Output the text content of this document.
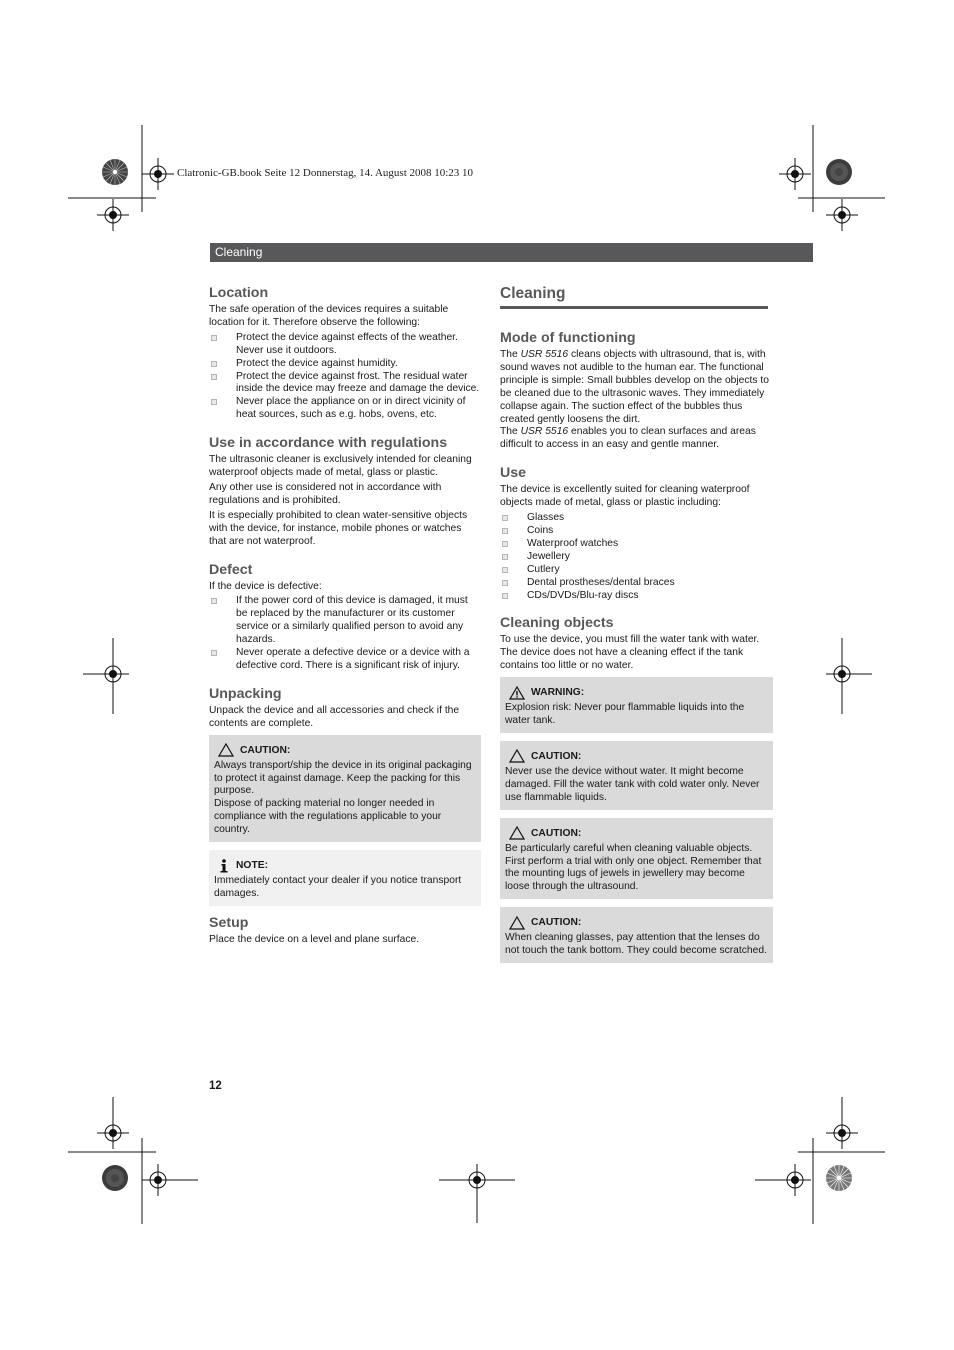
Clatronic-GB.book Seite 12 Donnerstag, 14. August 2008 10:23 10
Cleaning
Location

The safe operation of the devices requires a suitable location for it. Therefore observe the following:

Protect the device against effects of the weather. Never use it outdoors.
Protect the device against humidity.
Protect the device against frost. The residual water inside the device may freeze and damage the device.
Never place the appliance on or in direct vicinity of heat sources, such as e.g. hobs, ovens, etc.
Use in accordance with regulations

The ultrasonic cleaner is exclusively intended for cleaning waterproof objects made of metal, glass or plastic.

Any other use is considered not in accordance with regulations and is prohibited.

It is especially prohibited to clean water-sensitive objects with the device, for instance, mobile phones or watches that are not waterproof.

Defect

If the device is defective:

If the power cord of this device is damaged, it must be replaced by the manufacturer or its customer service or a similarly qualified person to avoid any hazards.
Never operate a defective device or a device with a defective cord. There is a significant risk of injury.
Unpacking

Unpack the device and all accessories and check if the contents are complete.

CAUTION:

Always transport/ship the device in its original packaging to protect it against damage. Keep the packing for this purpose.

Dispose of packing material no longer needed in compliance with the regulations applicable to your country.

NOTE:

Immediately contact your dealer if you notice transport damages.

Setup

Place the device on a level and plane surface.

Cleaning
Mode of functioning

The USR 5516 cleans objects with ultrasound, that is, with sound waves not audible to the human ear. The functional principle is simple: Small bubbles develop on the objects to be cleaned due to the ultrasonic waves. They immediately collapse again. The suction effect of the bubbles thus created gently loosens the dirt.

The USR 5516 enables you to clean surfaces and areas difficult to access in an easy and gentle manner.

Use

The device is excellently suited for cleaning waterproof objects made of metal, glass or plastic including:

Glasses
Coins
Waterproof watches
Jewellery
Cutlery
Dental prostheses/dental braces
CDs/DVDs/Blu-ray discs
Cleaning objects

To use the device, you must fill the water tank with water. The device does not have a cleaning effect if the tank contains too little or no water.

WARNING:

Explosion risk: Never pour flammable liquids into the water tank.

CAUTION:

Never use the device without water. It might become damaged. Fill the water tank with cold water only. Never use flammable liquids.

CAUTION:

Be particularly careful when cleaning valuable objects. First perform a trial with only one object. Remember that the mounting lugs of jewels in jewellery may become loose through the ultrasound.

CAUTION:

When cleaning glasses, pay attention that the lenses do not touch the tank bottom. They could become scratched.

12
